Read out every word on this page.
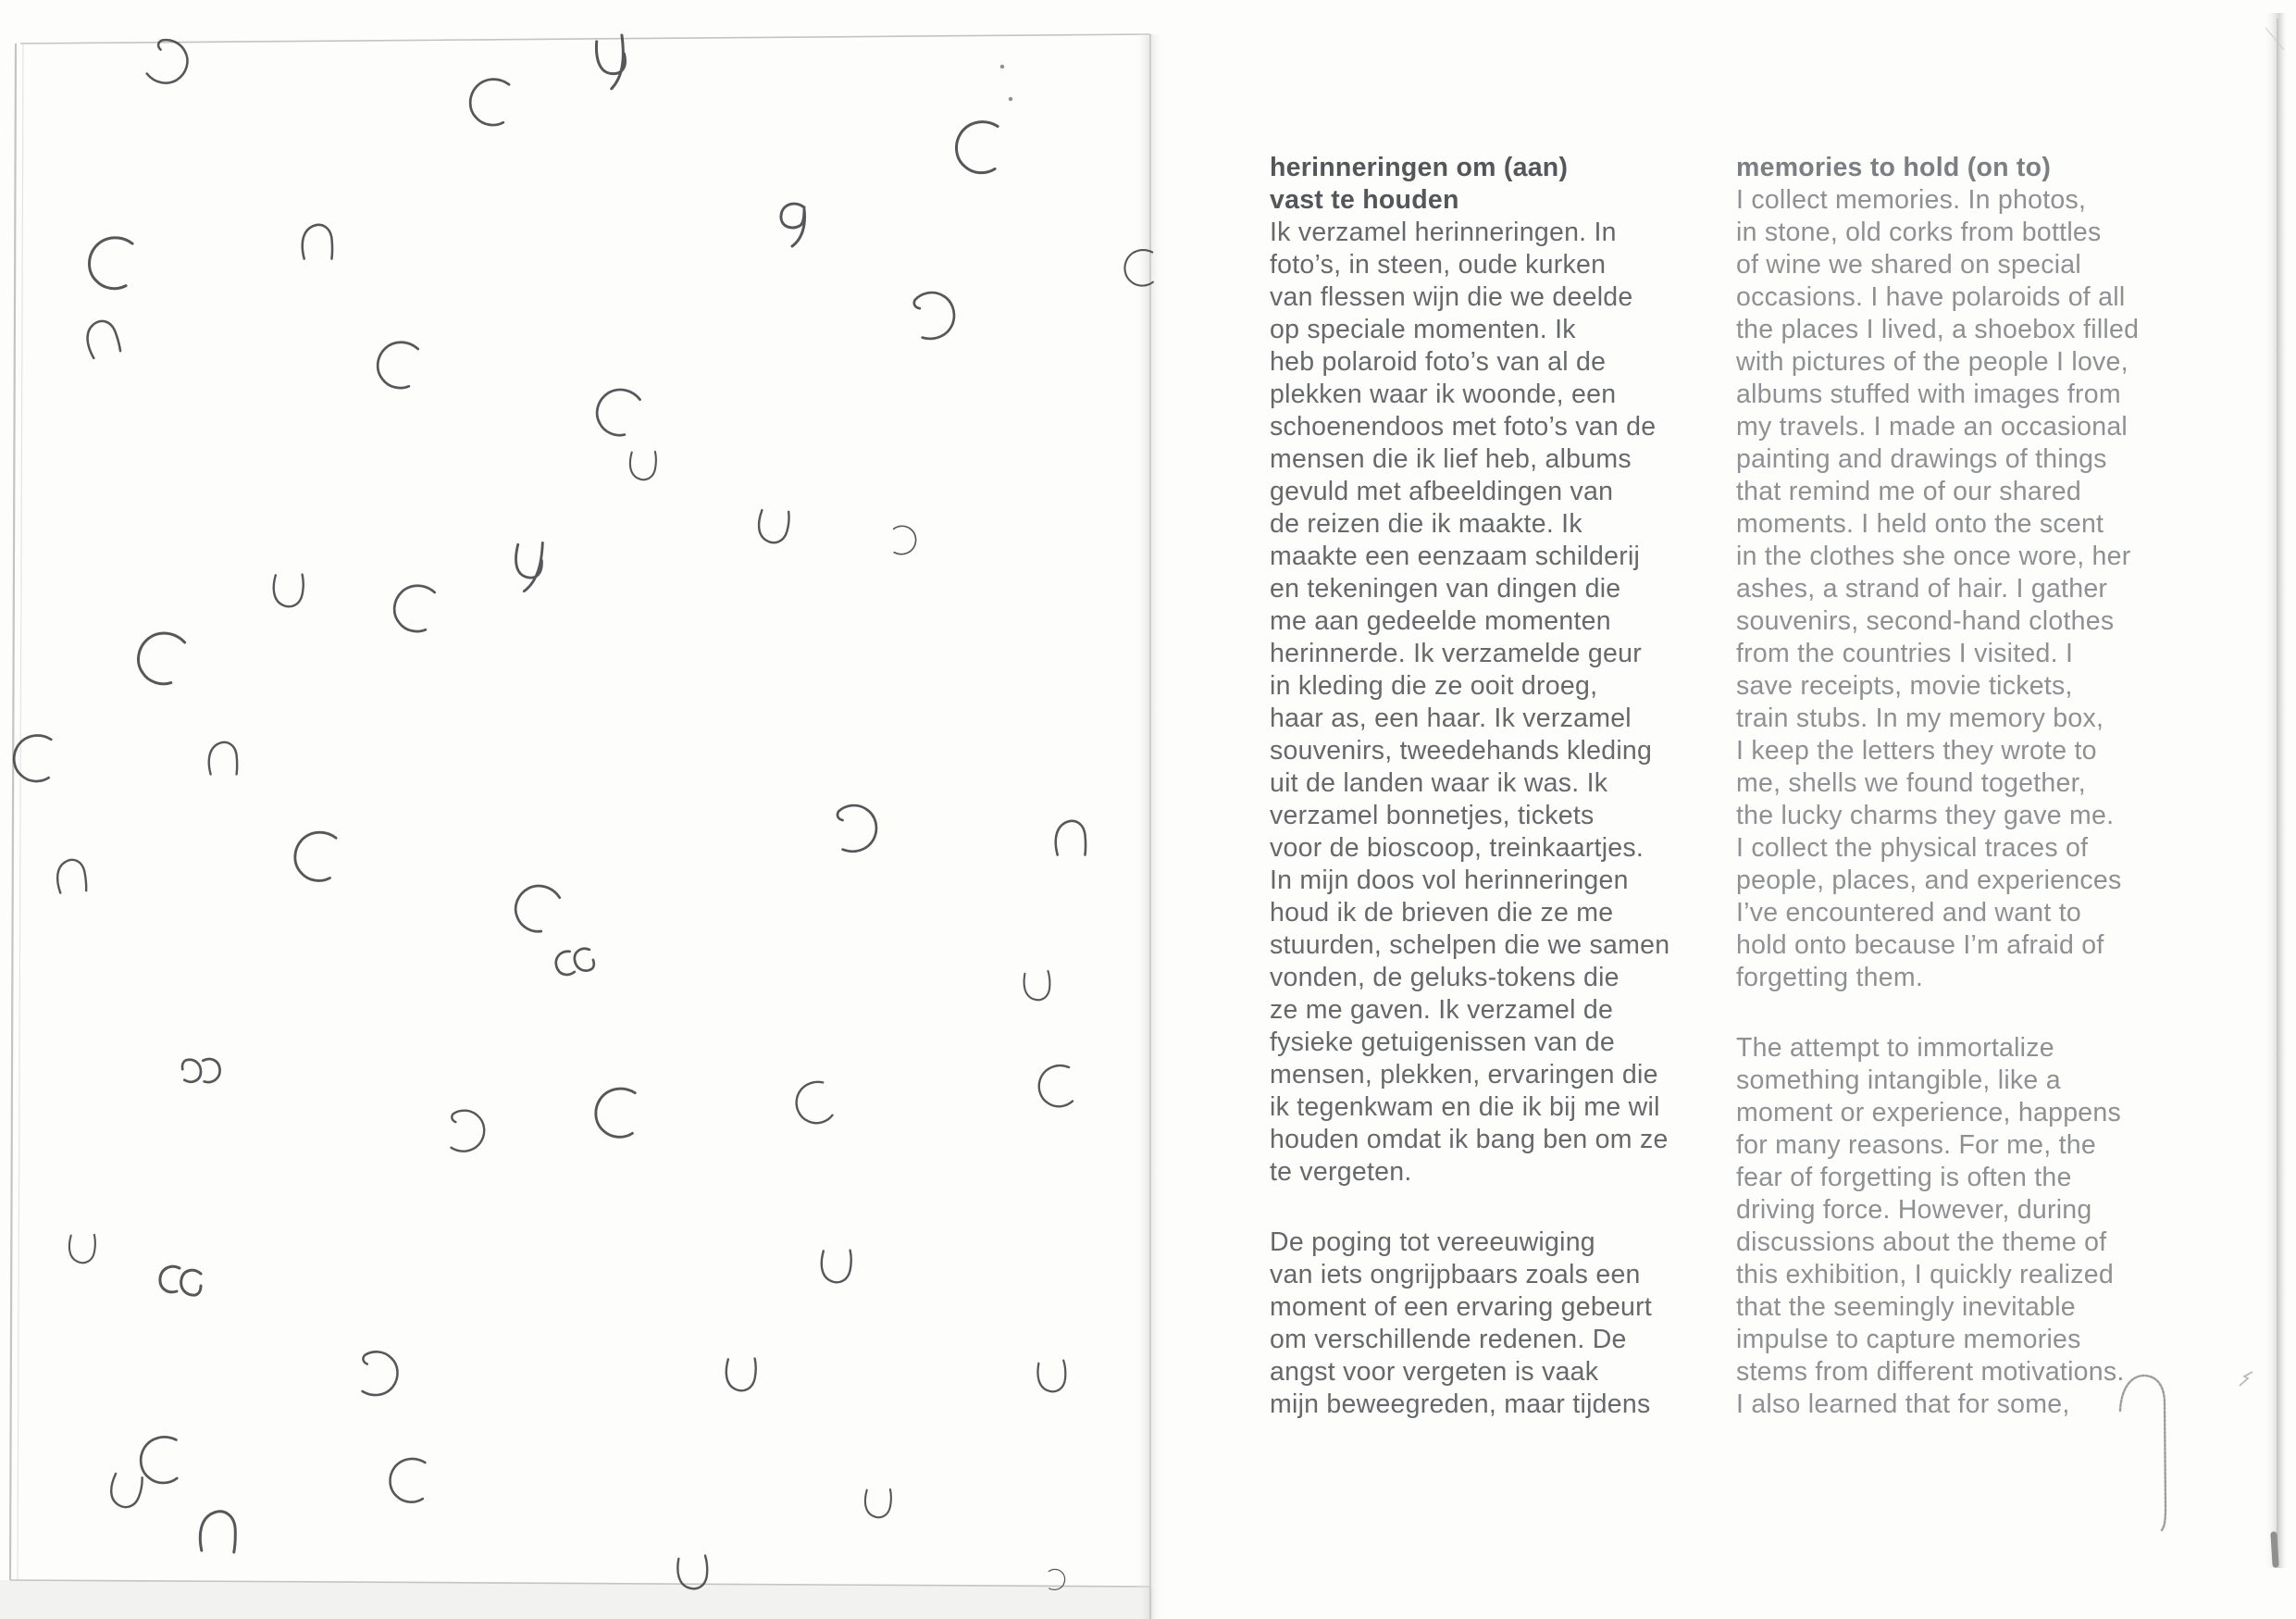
herinneringen om (aan)
vast te houden
Ik verzamel herinneringen. In
foto’s, in steen, oude kurken
van flessen wijn die we deelde
op speciale momenten. Ik
heb polaroid foto’s van al de
plekken waar ik woonde, een
schoenendoos met foto’s van de
mensen die ik lief heb, albums
gevuld met afbeeldingen van
de reizen die ik maakte. Ik
maakte een eenzaam schilderij
en tekeningen van dingen die
me aan gedeelde momenten
herinnerde. Ik verzamelde geur
in kleding die ze ooit droeg,
haar as, een haar. Ik verzamel
souvenirs, tweedehands kleding
uit de landen waar ik was. Ik
verzamel bonnetjes, tickets
voor de bioscoop, treinkaartjes.
In mijn doos vol herinneringen
houd ik de brieven die ze me
stuurden, schelpen die we samen
vonden, de geluks-tokens die
ze me gaven. Ik verzamel de
fysieke getuigenissen van de
mensen, plekken, ervaringen die
ik tegenkwam en die ik bij me wil
houden omdat ik bang ben om ze
te vergeten.
De poging tot vereeuwiging
van iets ongrijpbaars zoals een
moment of een ervaring gebeurt
om verschillende redenen. De
angst voor vergeten is vaak
mijn beweegreden, maar tijdens
memories to hold (on to)
I collect memories. In photos,
in stone, old corks from bottles
of wine we shared on special
occasions. I have polaroids of all
the places I lived, a shoebox filled
with pictures of the people I love,
albums stuffed with images from
my travels. I made an occasional
painting and drawings of things
that remind me of our shared
moments. I held onto the scent
in the clothes she once wore, her
ashes, a strand of hair. I gather
souvenirs, second-hand clothes
from the countries I visited. I
save receipts, movie tickets,
train stubs. In my memory box,
I keep the letters they wrote to
me, shells we found together,
the lucky charms they gave me.
I collect the physical traces of
people, places, and experiences
I’ve encountered and want to
hold onto because I’m afraid of
forgetting them.
The attempt to immortalize
something intangible, like a
moment or experience, happens
for many reasons. For me, the
fear of forgetting is often the
driving force. However, during
discussions about the theme of
this exhibition, I quickly realized
that the seemingly inevitable
impulse to capture memories
stems from different motivations.
I also learned that for some,
